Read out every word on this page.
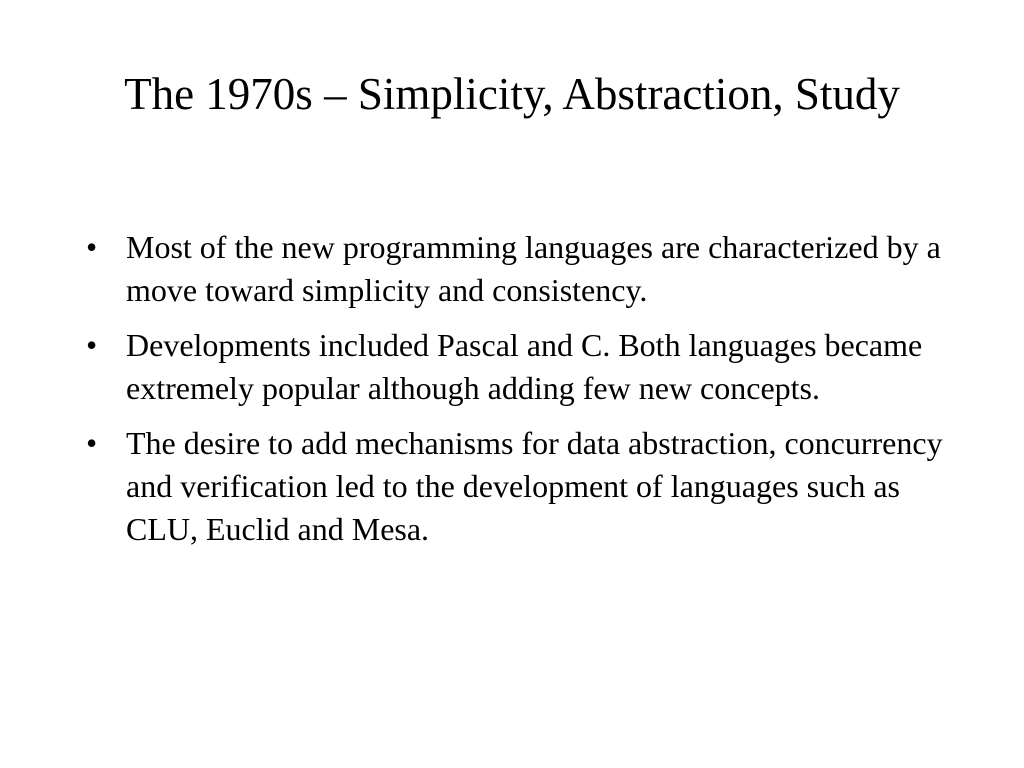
The 1970s – Simplicity, Abstraction, Study
• Most of the new programming languages are characterized by a move toward simplicity and consistency.
• Developments included Pascal and C. Both languages became extremely popular although adding few new concepts.
• The desire to add mechanisms for data abstraction, concurrency and verification led to the development of languages such as CLU, Euclid and Mesa.
